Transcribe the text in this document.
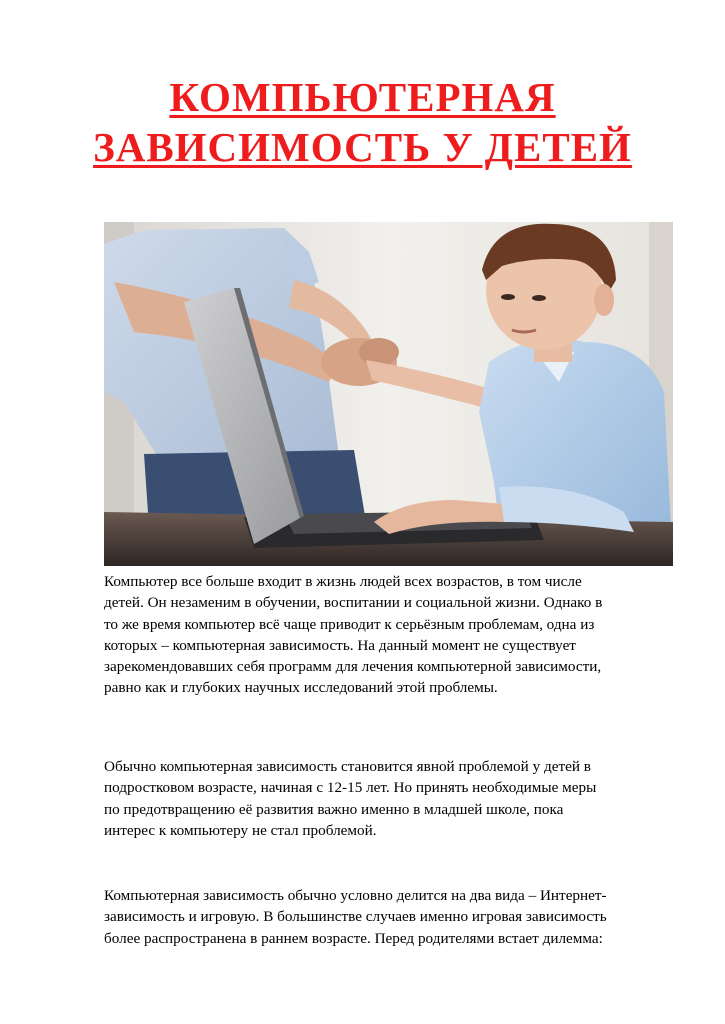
КОМПЬЮТЕРНАЯ
ЗАВИСИМОСТЬ У ДЕТЕЙ
Компьютер все больше входит в жизнь людей всех возрастов, в том числе
детей. Он незаменим в обучении, воспитании и социальной жизни. Однако в
то же время компьютер всё чаще приводит к серьёзным проблемам, одна из
которых – компьютерная зависимость. На данный момент не существует
зарекомендовавших себя программ для лечения компьютерной зависимости,
равно как и глубоких научных исследований этой проблемы.
Обычно компьютерная зависимость становится явной проблемой у детей в
подростковом возрасте, начиная с 12-15 лет. Но принять необходимые меры
по предотвращению её развития важно именно в младшей школе, пока
интерес к компьютеру не стал проблемой.
Компьютерная зависимость обычно условно делится на два вида – Интернет-
зависимость и игровую. В большинстве случаев именно игровая зависимость
более распространена в раннем возрасте. Перед родителями встает дилемма:
